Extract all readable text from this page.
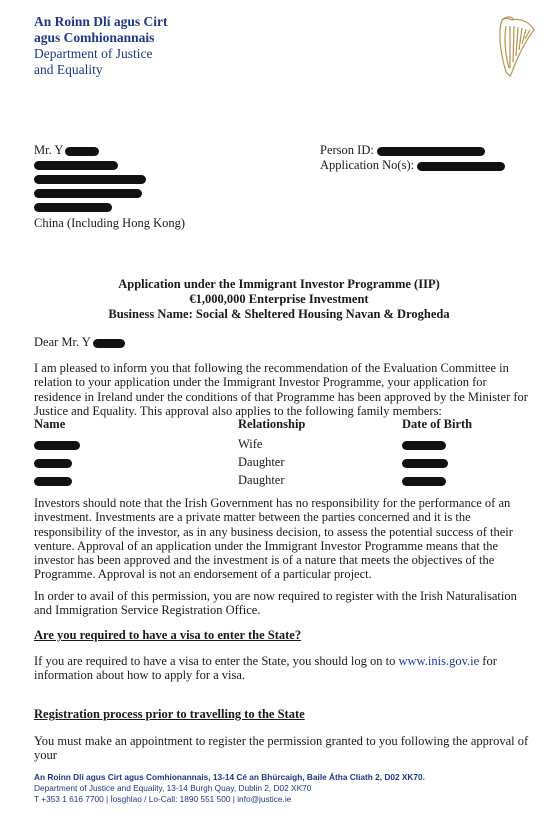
An Roinn Dlí agus Cirt
agus Comhionannais
Department of Justice
and Equality
Mr. Y
China (Including Hong Kong)
Person ID:
Application No(s):
Application under the Immigrant Investor Programme (IIP)
€1,000,000 Enterprise Investment
Business Name: Social & Sheltered Housing Navan & Drogheda
Dear Mr. Y
I am pleased to inform you that following the recommendation of the Evaluation Committee in relation to your application under the Immigrant Investor Programme, your application for residence in Ireland under the conditions of that Programme has been approved by the Minister for Justice and Equality. This approval also applies to the following family members:
Name	Relationship	Date of Birth
Wife
Daughter
Daughter
Investors should note that the Irish Government has no responsibility for the performance of an investment. Investments are a private matter between the parties concerned and it is the responsibility of the investor, as in any business decision, to assess the potential success of their venture. Approval of an application under the Immigrant Investor Programme means that the investor has been approved and the investment is of a nature that meets the objectives of the Programme. Approval is not an endorsement of a particular project.
In order to avail of this permission, you are now required to register with the Irish Naturalisation and Immigration Service Registration Office.
Are you required to have a visa to enter the State?
If you are required to have a visa to enter the State, you should log on to www.inis.gov.ie for information about how to apply for a visa.
Registration process prior to travelling to the State
You must make an appointment to register the permission granted to you following the approval of your
An Roinn Dlí agus Cirt agus Comhionannais, 13-14 Cé an Bhúrcaigh, Baile Átha Cliath 2, D02 XK70.
Department of Justice and Equality, 13-14 Burgh Quay, Dublin 2, D02 XK70
T +353 1 616 7700 | Íosghlao / Lo-Call: 1890 551 500 | info@justice.ie
